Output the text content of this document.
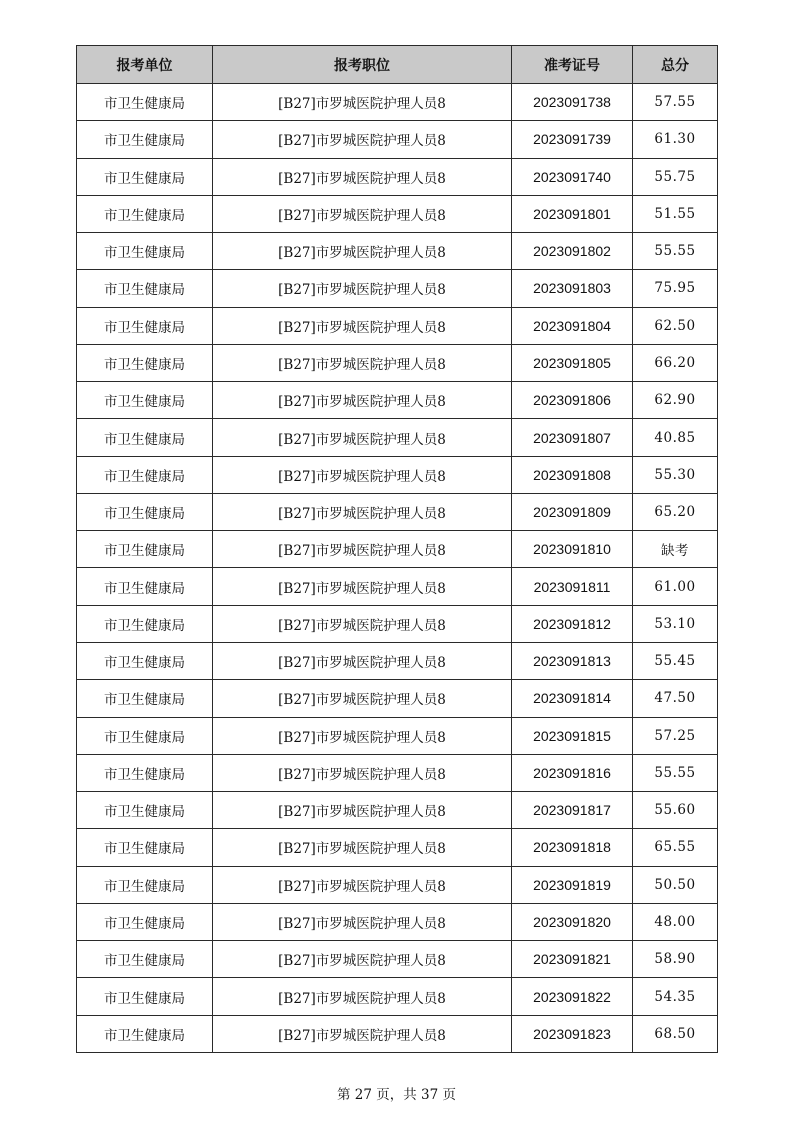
报考单位	报考职位	准考证号	总分
市卫生健康局	[B27]市罗城医院护理人员8	2023091738	57.55
市卫生健康局	[B27]市罗城医院护理人员8	2023091739	61.30
市卫生健康局	[B27]市罗城医院护理人员8	2023091740	55.75
市卫生健康局	[B27]市罗城医院护理人员8	2023091801	51.55
市卫生健康局	[B27]市罗城医院护理人员8	2023091802	55.55
市卫生健康局	[B27]市罗城医院护理人员8	2023091803	75.95
市卫生健康局	[B27]市罗城医院护理人员8	2023091804	62.50
市卫生健康局	[B27]市罗城医院护理人员8	2023091805	66.20
市卫生健康局	[B27]市罗城医院护理人员8	2023091806	62.90
市卫生健康局	[B27]市罗城医院护理人员8	2023091807	40.85
市卫生健康局	[B27]市罗城医院护理人员8	2023091808	55.30
市卫生健康局	[B27]市罗城医院护理人员8	2023091809	65.20
市卫生健康局	[B27]市罗城医院护理人员8	2023091810	缺考
市卫生健康局	[B27]市罗城医院护理人员8	2023091811	61.00
市卫生健康局	[B27]市罗城医院护理人员8	2023091812	53.10
市卫生健康局	[B27]市罗城医院护理人员8	2023091813	55.45
市卫生健康局	[B27]市罗城医院护理人员8	2023091814	47.50
市卫生健康局	[B27]市罗城医院护理人员8	2023091815	57.25
市卫生健康局	[B27]市罗城医院护理人员8	2023091816	55.55
市卫生健康局	[B27]市罗城医院护理人员8	2023091817	55.60
市卫生健康局	[B27]市罗城医院护理人员8	2023091818	65.55
市卫生健康局	[B27]市罗城医院护理人员8	2023091819	50.50
市卫生健康局	[B27]市罗城医院护理人员8	2023091820	48.00
市卫生健康局	[B27]市罗城医院护理人员8	2023091821	58.90
市卫生健康局	[B27]市罗城医院护理人员8	2023091822	54.35
市卫生健康局	[B27]市罗城医院护理人员8	2023091823	68.50
第 27 页，共 37 页
